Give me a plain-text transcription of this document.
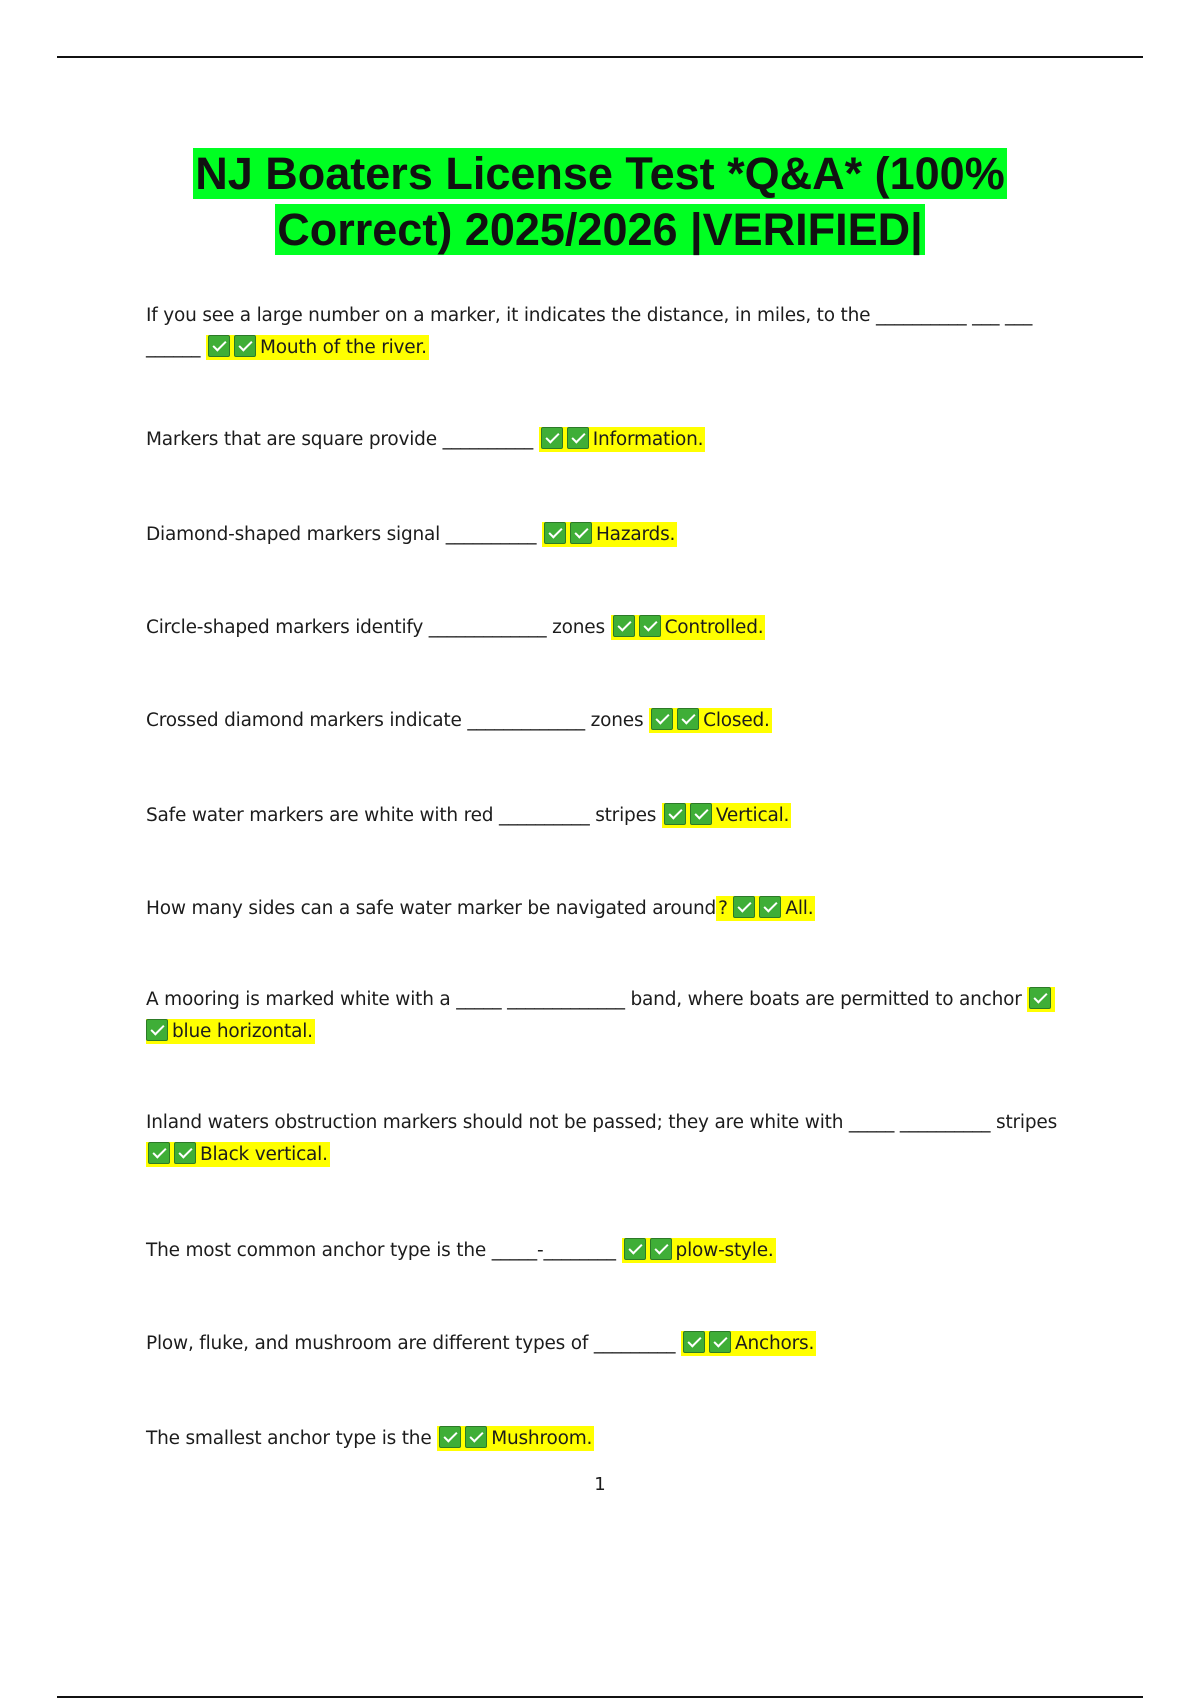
NJ Boaters License Test *Q&A* (100%
Correct) 2025/2026 |VERIFIED|
If you see a large number on a marker, it indicates the distance, in miles, to the __________ ___ ___ ______	Mouth of the river.
Markers that are square provide __________	Information.
Diamond-shaped markers signal __________	Hazards.
Circle-shaped markers identify _____________ zones	Controlled.
Crossed diamond markers indicate _____________ zones	Closed.
Safe water markers are white with red __________ stripes	Vertical.
How many sides can a safe water marker be navigated around ?	All.
A mooring is marked white with a _____ _____________ band, where boats are permitted to anchor blue horizontal.
Inland waters obstruction markers should not be passed; they are white with _____ __________ stripes Black vertical.
The most common anchor type is the _____-________	plow-style.
Plow, fluke, and mushroom are different types of _________	Anchors.
The smallest anchor type is the	Mushroom.
1
